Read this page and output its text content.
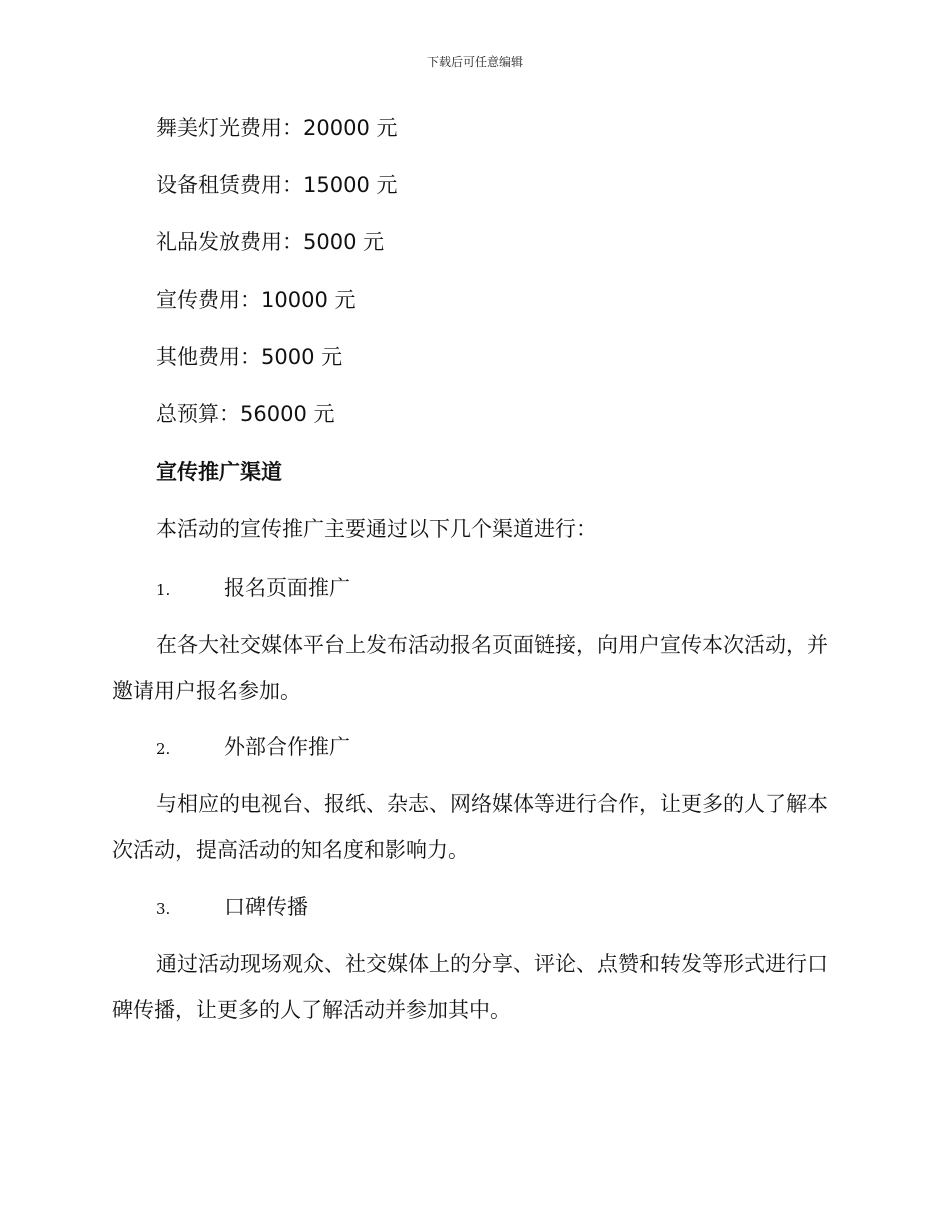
下载后可任意编辑
舞美灯光费用：20000 元
设备租赁费用：15000 元
礼品发放费用：5000 元
宣传费用：10000 元
其他费用：5000 元
总预算：56000 元
宣传推广渠道
本活动的宣传推广主要通过以下几个渠道进行：
1.	报名页面推广

在各大社交媒体平台上发布活动报名页面链接，向用户宣传本次活动，并邀请用户报名参加。

2.	外部合作推广

与相应的电视台、报纸、杂志、网络媒体等进行合作，让更多的人了解本次活动，提高活动的知名度和影响力。

3.	口碑传播

通过活动现场观众、社交媒体上的分享、评论、点赞和转发等形式进行口碑传播，让更多的人了解活动并参加其中。
